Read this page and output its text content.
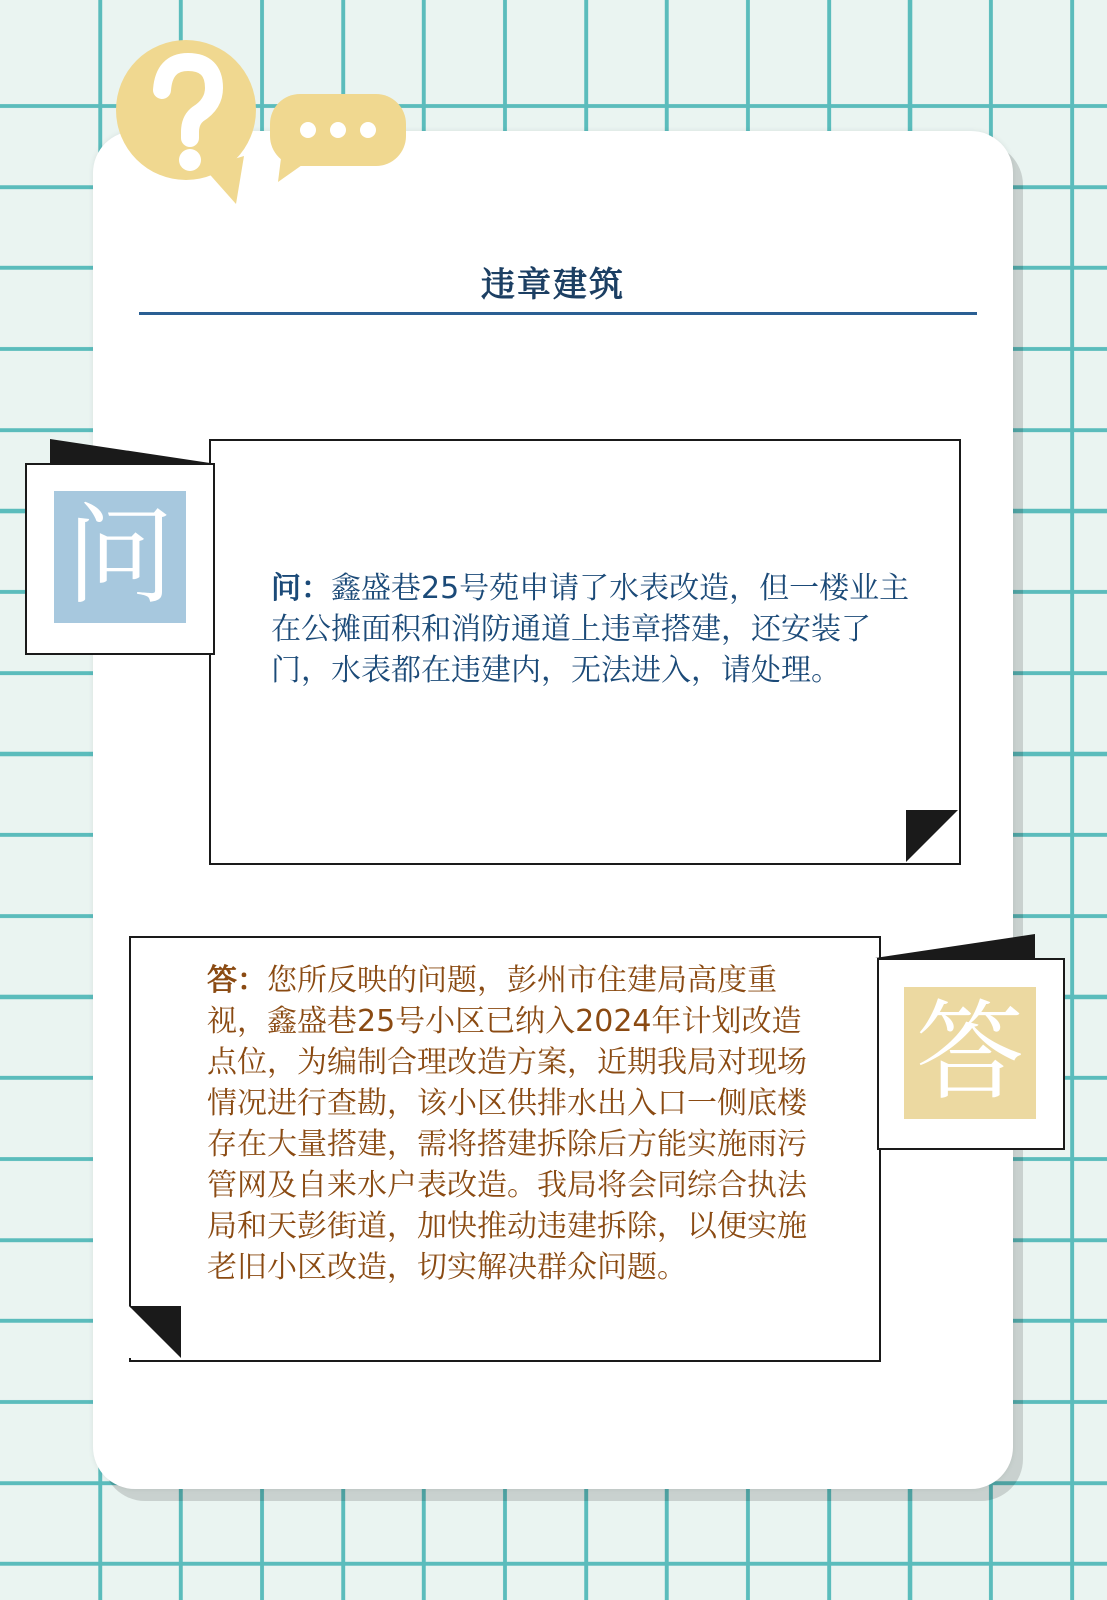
违章建筑
问	问：鑫盛巷25号苑申请了水表改造，但一楼业主在公摊面积和消防通道上违章搭建，还安装了门，水表都在违建内，无法进入，请处理。
答
答：您所反映的问题，彭州市住建局高度重视，鑫盛巷25号小区已纳入2024年计划改造点位，为编制合理改造方案，近期我局对现场情况进行查勘，该小区供排水出入口一侧底楼存在大量搭建，需将搭建拆除后方能实施雨污管网及自来水户表改造。我局将会同综合执法局和天彭街道，加快推动违建拆除，以便实施老旧小区改造，切实解决群众问题。
